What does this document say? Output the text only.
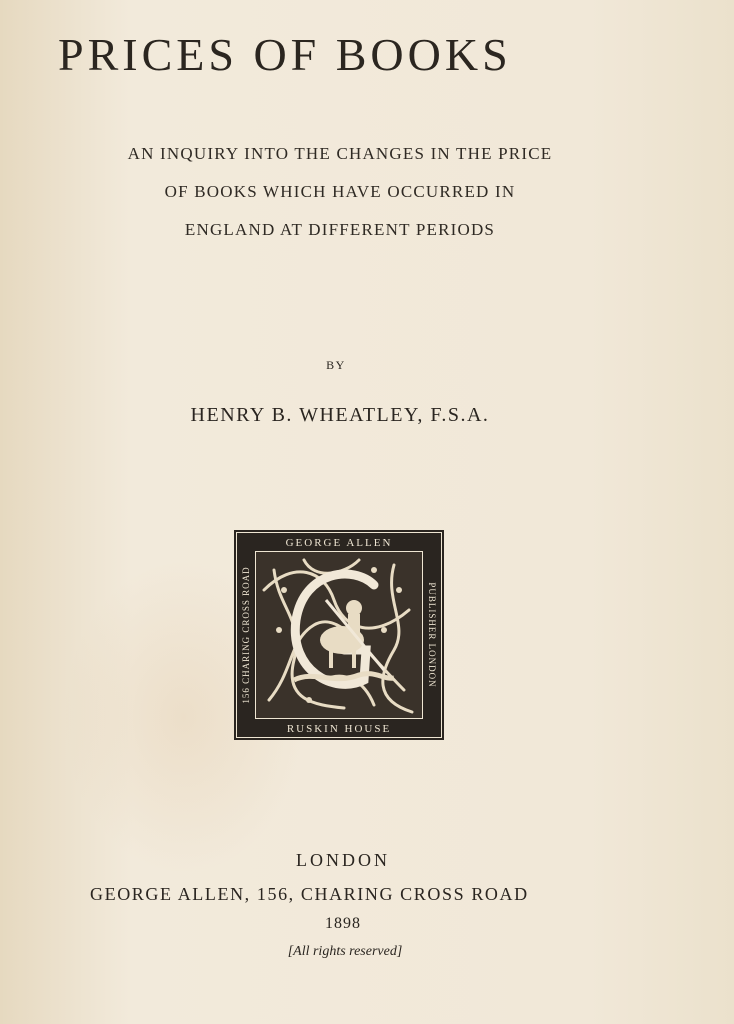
PRICES OF BOOKS
AN INQUIRY INTO THE CHANGES IN THE PRICE
OF BOOKS WHICH HAVE OCCURRED IN
ENGLAND AT DIFFERENT PERIODS
BY
HENRY B. WHEATLEY, F.S.A.
GEORGE ALLEN
RUSKIN HOUSE
156 CHARING CROSS ROAD	PUBLISHER LONDON
LONDON
GEORGE ALLEN, 156, CHARING CROSS ROAD
1898
[All rights reserved]
